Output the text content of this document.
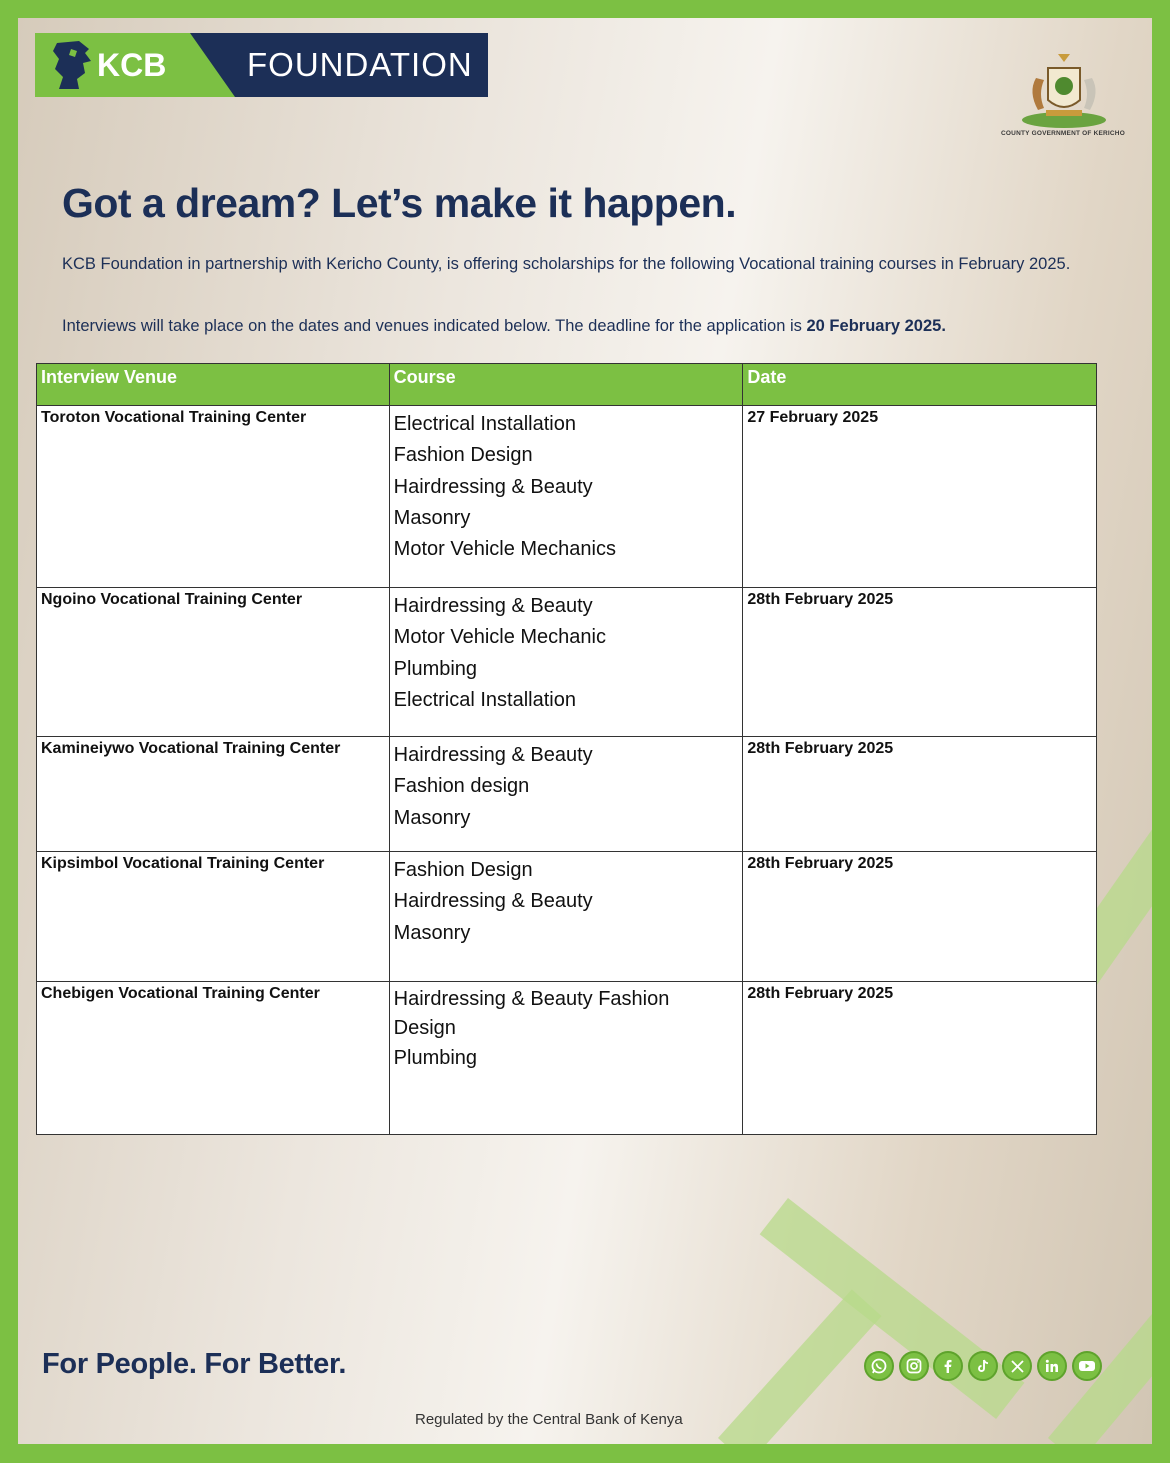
KCB FOUNDATION
COUNTY GOVERNMENT OF KERICHO
Got a dream? Let’s make it happen.

KCB Foundation in partnership with Kericho County, is offering scholarships for the following Vocational training courses in February 2025.

Interviews will take place on the dates and venues indicated below. The deadline for the application is 20 February 2025.

Interview Venue	Course	Date
Toroton Vocational Training Center	Electrical Installation
Fashion Design
Hairdressing & Beauty
Masonry
Motor Vehicle Mechanics	27 February 2025
Ngoino Vocational Training Center	Hairdressing & Beauty
Motor Vehicle Mechanic
Plumbing
Electrical Installation	28th February 2025
Kamineiywo Vocational Training Center	Hairdressing & Beauty
Fashion design
Masonry	28th February 2025
Kipsimbol Vocational Training Center	Fashion Design
Hairdressing & Beauty
Masonry	28th February 2025
Chebigen Vocational Training Center	Hairdressing & Beauty Fashion
Design
Plumbing	28th February 2025
For People. For Better.
Regulated by the Central Bank of Kenya
